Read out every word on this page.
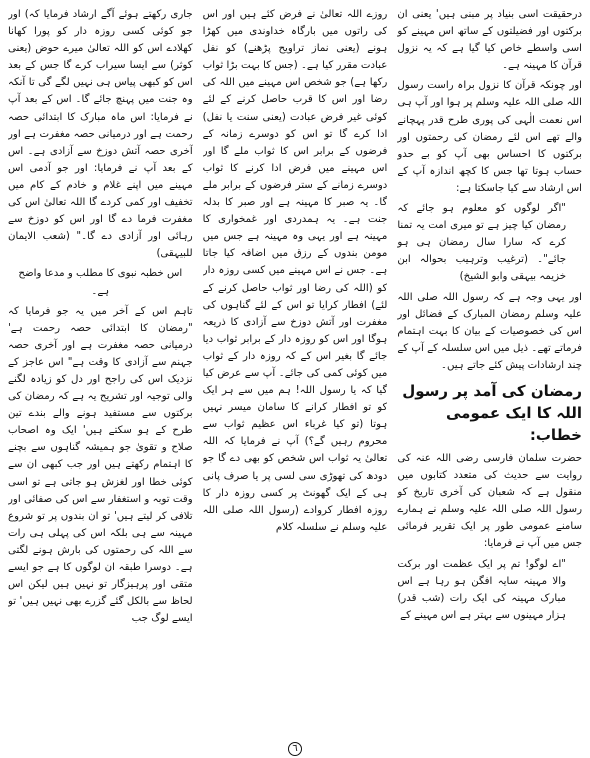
درحقیقت اسی بنیاد پر مبنی ہیں' یعنی ان برکتوں اور فضیلتوں کے ساتھ اس مہینے کو اسی واسطے خاص کیا گیا ہے کہ یہ نزول قرآن کا مہینہ ہے۔

اور چونکہ قرآن کا نزول براہ راست رسول اللہ صلی اللہ علیہ وسلم پر ہوا اور آپ ہی اس نعمت الٰہی کی پوری طرح قدر پہچانے والے تھے اس لئے رمضان کی رحمتوں اور برکتوں کا احساس بھی آپ کو بے حدو حساب ہوتا تھا جس کا کچھ اندازہ آپ کے اس ارشاد سے کیا جاسکتا ہے:

"اگر لوگوں کو معلوم ہو جائے کہ رمضان کیا چیز ہے تو میری امت یہ تمنا کرے کہ سارا سال رمضان ہی ہو جائے"۔ (ترغیب وترہیب بحوالہ ابن خزیمہ بیہقی وابو الشیخ)

اور یہی وجہ ہے کہ رسول اللہ صلی اللہ علیہ وسلم رمضان المبارک کے فضائل اور اس کی خصوصیات کے بیان کا بہت اہتمام فرماتے تھے۔ ذیل میں اس سلسلہ کے آپ کے چند ارشادات پیش کئے جاتے ہیں۔

رمضان کی آمد پر رسول اللہ کا ایک عمومی خطاب:

حضرت سلمان فارسی رضی اللہ عنہ کی روایت سے حدیث کی متعدد کتابوں میں منقول ہے کہ شعبان کی آخری تاریخ کو رسول اللہ صلی اللہ علیہ وسلم نے ہمارے سامنے عمومی طور پر ایک تقریر فرمائی جس میں آپ نے فرمایا:

"اے لوگو! تم پر ایک عظمت اور برکت والا مہینہ سایہ افگن ہو رہا ہے اس مبارک مہینہ کی ایک رات (شب قدر) ہزار مہینوں سے بہتر ہے اس مہینے کے

روزے اللہ تعالیٰ نے فرض کئے ہیں اور اس کی راتوں میں بارگاہ خداوندی میں کھڑا ہونے (یعنی نماز تراویح پڑھنے) کو نفل عبادت مقرر کیا ہے۔ (جس کا بہت بڑا ثواب رکھا ہے) جو شخص اس مہینے میں اللہ کی رضا اور اس کا قرب حاصل کرنے کے لئے کوئی غیر فرض عبادت (یعنی سنت یا نفل) ادا کرے گا تو اس کو دوسرے زمانہ کے فرضوں کے برابر اس کا ثواب ملے گا اور اس مہینے میں فرض ادا کرنے کا ثواب دوسرے زمانے کے ستر فرضوں کے برابر ملے گا۔ یہ صبر کا مہینہ ہے اور صبر کا بدلہ جنت ہے۔ یہ ہمدردی اور غمخواری کا مہینہ ہے اور یہی وہ مہینہ ہے جس میں مومن بندوں کے رزق میں اضافہ کیا جاتا ہے۔ جس نے اس مہینے میں کسی روزہ دار کو (اللہ کی رضا اور ثواب حاصل کرنے کے لئے) افطار کرایا تو اس کے لئے گناہوں کی مغفرت اور آتش دوزخ سے آزادی کا ذریعہ ہوگا اور اس کو روزہ دار کے برابر ثواب دیا جائے گا بغیر اس کے کہ روزہ دار کے ثواب میں کوئی کمی کی جائے۔ آپ سے عرض کیا گیا کہ یا رسول اللہ! ہم میں سے ہر ایک کو تو افطار کرانے کا سامان میسر نہیں ہوتا (تو کیا غرباء اس عظیم ثواب سے محروم رہیں گے؟) آپ نے فرمایا کہ اللہ تعالیٰ یہ ثواب اس شخص کو بھی دے گا جو دودھ کی تھوڑی سی لسی پر یا صرف پانی ہی کے ایک گھونٹ پر کسی روزہ دار کا روزہ افطار کروادے (رسول اللہ صلی اللہ علیہ وسلم نے سلسلہ کلام

جاری رکھتے ہوئے آگے ارشاد فرمایا کہ) اور جو کوئی کسی روزہ دار کو پورا کھانا کھلادے اس کو اللہ تعالیٰ میرے حوض (یعنی کوثر) سے ایسا سیراب کرے گا جس کے بعد اس کو کبھی پیاس ہی نہیں لگے گی تا آنکہ وہ جنت میں پہنچ جائے گا۔ اس کے بعد آپ نے فرمایا: اس ماہ مبارک کا ابتدائی حصہ رحمت ہے اور درمیانی حصہ مغفرت ہے اور آخری حصہ آتش دوزخ سے آزادی ہے۔ اس کے بعد آپ نے فرمایا: اور جو آدمی اس مہینے میں اپنے غلام و خادم کے کام میں تخفیف اور کمی کردے گا اللہ تعالیٰ اس کی مغفرت فرما دے گا اور اس کو دوزخ سے رہائی اور آزادی دے گا۔" (شعب الایمان للبیہقی)

اس خطبہ نبوی کا مطلب و مدعا واضح ہے۔

تاہم اس کے آخر میں یہ جو فرمایا کہ "رمضان کا ابتدائی حصہ رحمت ہے' درمیانی حصہ مغفرت ہے اور آخری حصہ جہنم سے آزادی کا وقت ہے" اس عاجز کے نزدیک اس کی راجح اور دل کو زیادہ لگنے والی توجیہ اور تشریح یہ ہے کہ رمضان کی برکتوں سے مستفید ہونے والے بندے تین طرح کے ہو سکتے ہیں' ایک وہ اصحاب صلاح و تقویٰ جو ہمیشہ گناہوں سے بچنے کا اہتمام رکھتے ہیں اور جب کبھی ان سے کوئی خطا اور لغزش ہو جاتی ہے تو اسی وقت توبہ و استغفار سے اس کی صفائی اور تلافی کر لیتے ہیں' تو ان بندوں پر تو شروع مہینہ سے ہی بلکہ اس کی پہلی ہی رات سے اللہ کی رحمتوں کی بارش ہونے لگتی ہے۔ دوسرا طبقہ ان لوگوں کا ہے جو ایسے متقی اور پرہیزگار تو نہیں ہیں لیکن اس لحاظ سے بالکل گئے گزرے بھی نہیں ہیں' تو ایسے لوگ جب

٦
